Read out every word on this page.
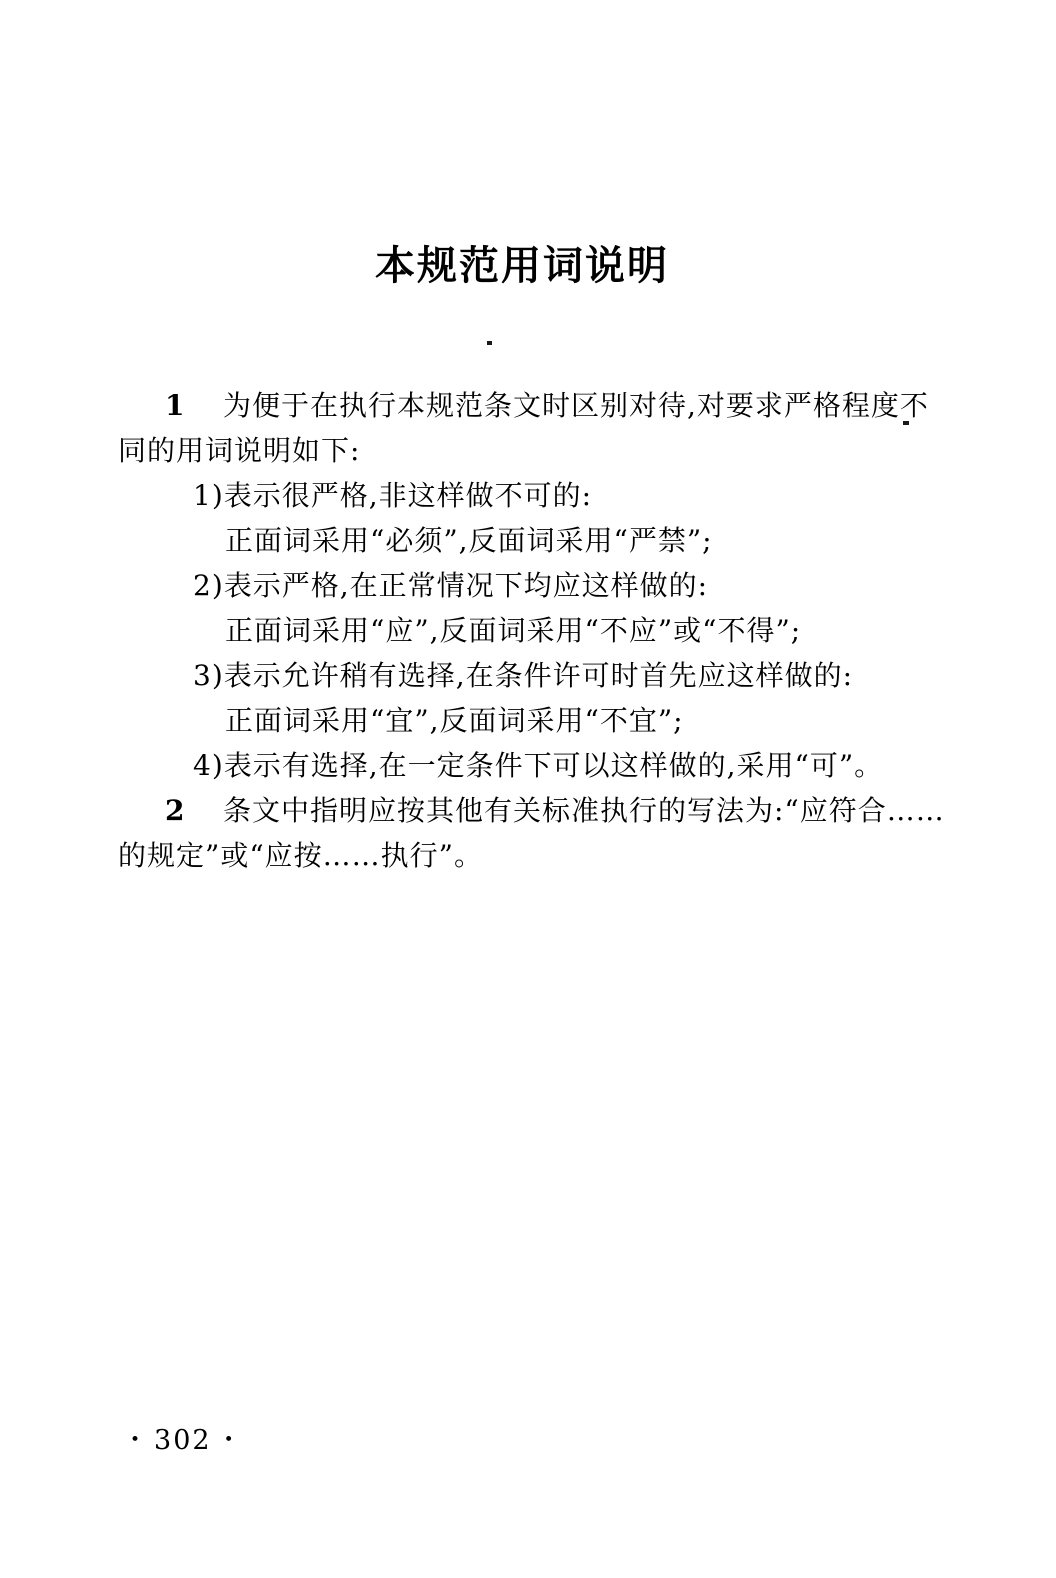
本规范用词说明
1 为便于在执行本规范条文时区别对待,对要求严格程度不
同的用词说明如下:
1)表示很严格,非这样做不可的:
正面词采用“必须”,反面词采用“严禁”;
2)表示严格,在正常情况下均应这样做的:
正面词采用“应”,反面词采用“不应”或“不得”;
3)表示允许稍有选择,在条件许可时首先应这样做的:
正面词采用“宜”,反面词采用“不宜”;
4)表示有选择,在一定条件下可以这样做的,采用“可”。
2 条文中指明应按其他有关标准执行的写法为:“应符合……
的规定”或“应按……执行”。
• 302 •
